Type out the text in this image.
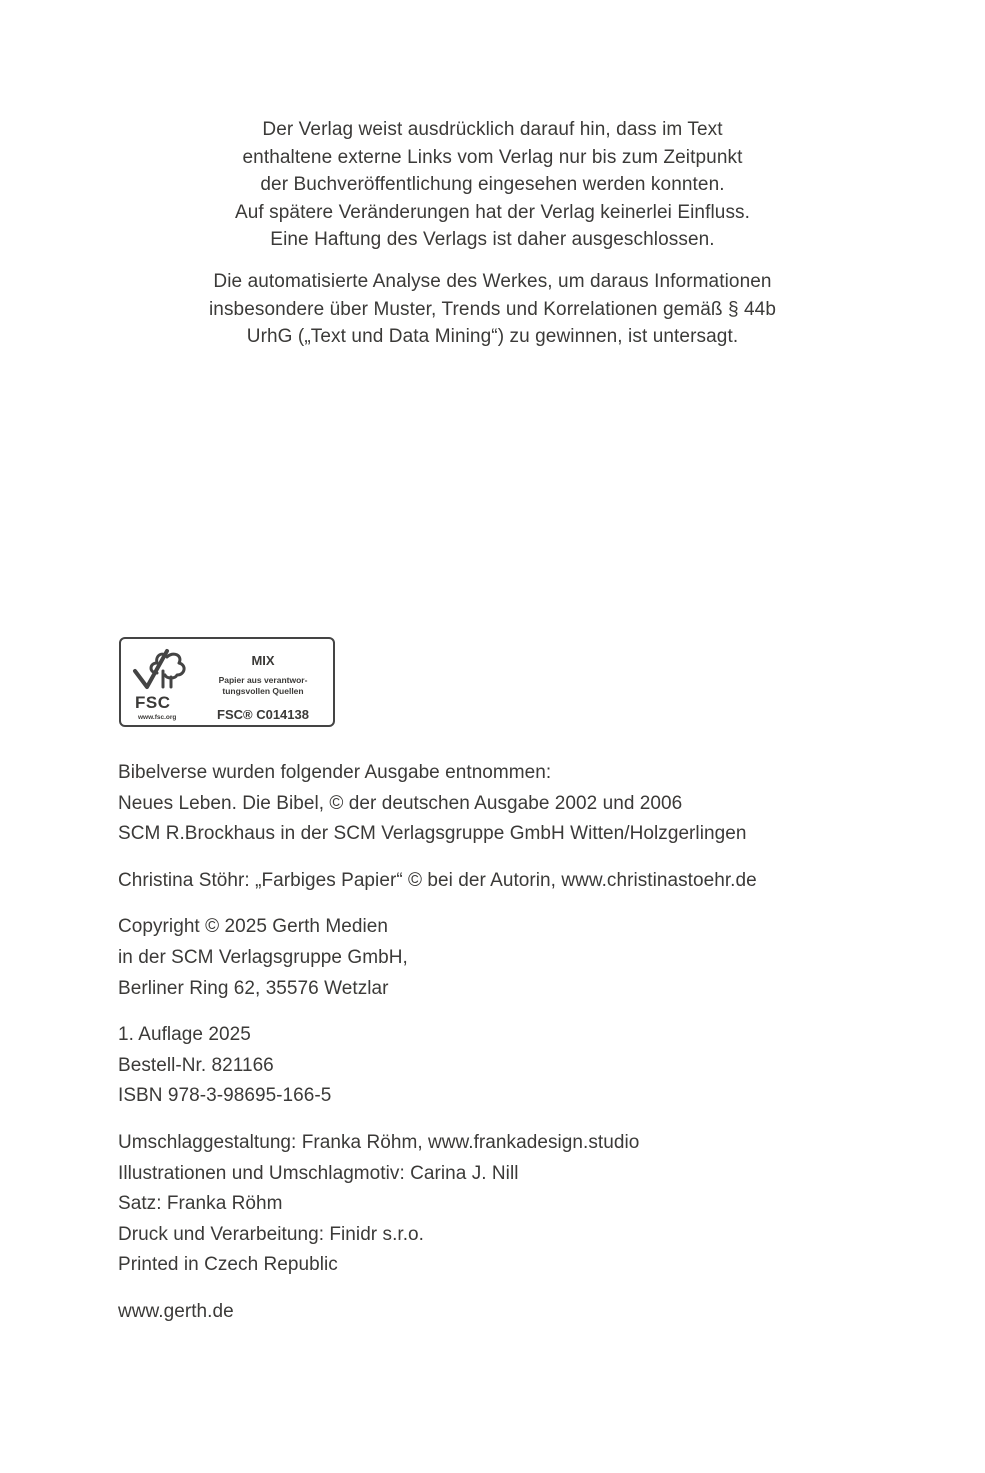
Der Verlag weist ausdrücklich darauf hin, dass im Text
enthaltene externe Links vom Verlag nur bis zum Zeitpunkt
der Buchveröffentlichung eingesehen werden konnten.
Auf spätere Veränderungen hat der Verlag keinerlei Einfluss.
Eine Haftung des Verlags ist daher ausgeschlossen.

Die automatisierte Analyse des Werkes, um daraus Informationen
insbesondere über Muster, Trends und Korrelationen gemäß § 44b
UrhG („Text und Data Mining“) zu gewinnen, ist untersagt.

FSC
www.fsc.org
MIX
Papier aus verantwor-
tungsvollen Quellen
FSC® C014138
Bibelverse wurden folgender Ausgabe entnommen:
Neues Leben. Die Bibel, © der deutschen Ausgabe 2002 und 2006
SCM R.Brockhaus in der SCM Verlagsgruppe GmbH Witten/Holzgerlingen
Christina Stöhr: „Farbiges Papier“ © bei der Autorin, www.christinastoehr.de
Copyright © 2025 Gerth Medien
in der SCM Verlagsgruppe GmbH,
Berliner Ring 62, 35576 Wetzlar
1. Auflage 2025
Bestell-Nr. 821166
ISBN 978-3-98695-166-5
Umschlaggestaltung: Franka Röhm, www.frankadesign.studio
Illustrationen und Umschlagmotiv: Carina J. Nill
Satz: Franka Röhm
Druck und Verarbeitung: Finidr s.r.o.
Printed in Czech Republic
www.gerth.de
